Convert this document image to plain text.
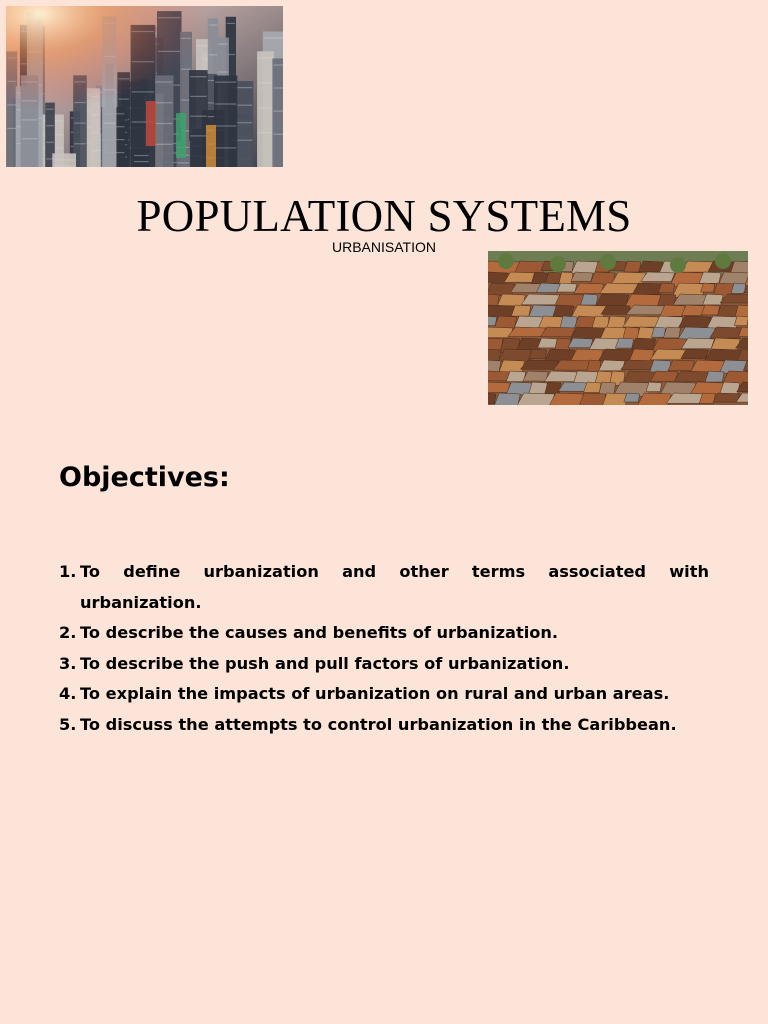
POPULATION SYSTEMS
URBANISATION
Objectives:
1. To define urbanization and other terms associated with urbanization.
2. To describe the causes and benefits of urbanization.
3. To describe the push and pull factors of urbanization.
4. To explain the impacts of urbanization on rural and urban areas.
5. To discuss the attempts to control urbanization in the Caribbean.
